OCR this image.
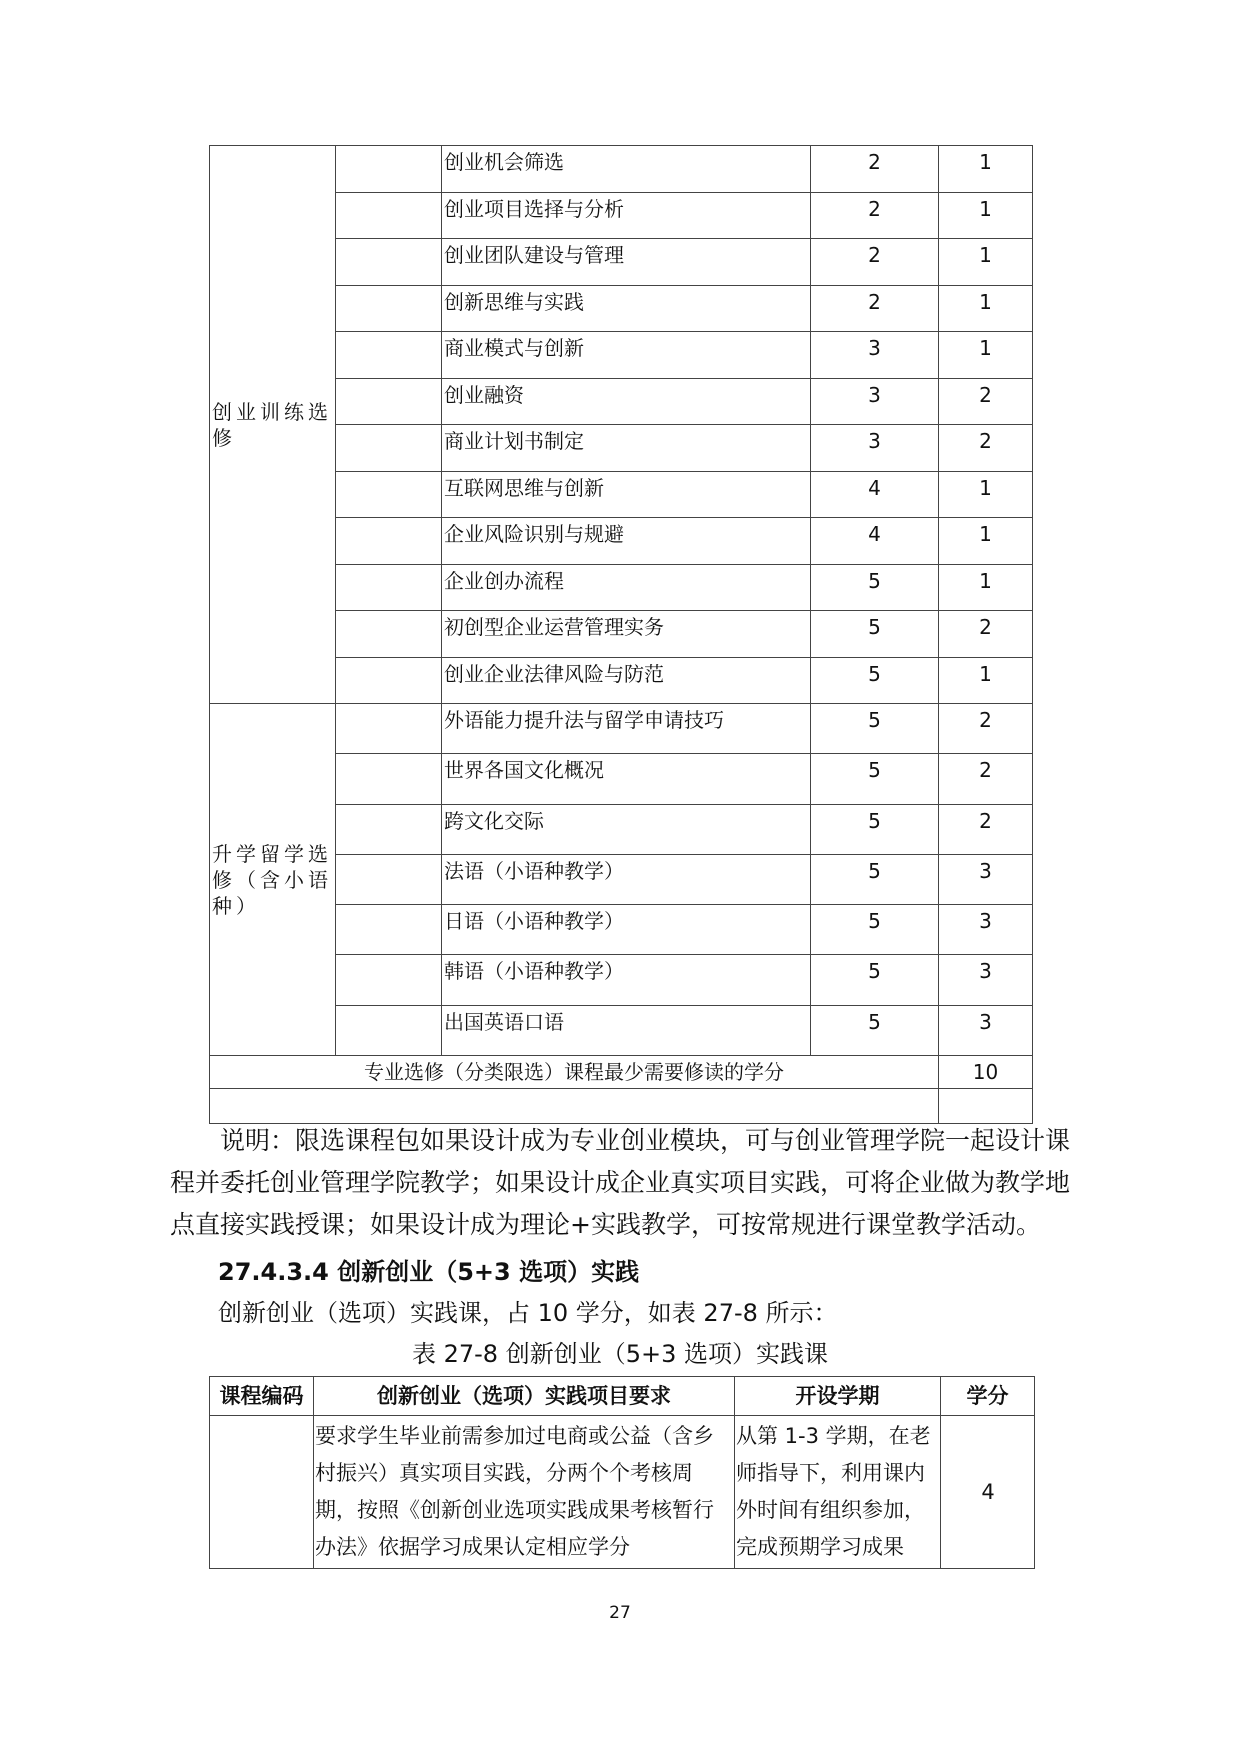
创业训练选修		创业机会筛选	2	1
		创业项目选择与分析	2	1
		创业团队建设与管理	2	1
		创新思维与实践	2	1
		商业模式与创新	3	1
		创业融资	3	2
		商业计划书制定	3	2
		互联网思维与创新	4	1
		企业风险识别与规避	4	1
		企业创办流程	5	1
		初创型企业运营管理实务	5	2
		创业企业法律风险与防范	5	1
升学留学选修（含小语种）		外语能力提升法与留学申请技巧	5	2
		世界各国文化概况	5	2
		跨文化交际	5	2
		法语（小语种教学）	5	3
		日语（小语种教学）	5	3
		韩语（小语种教学）	5	3
		出国英语口语	5	3
专业选修（分类限选）课程最少需要修读的学分				10

说明：限选课程包如果设计成为专业创业模块，可与创业管理学院一起设计课程并委托创业管理学院教学；如果设计成企业真实项目实践，可将企业做为教学地点直接实践授课；如果设计成为理论+实践教学，可按常规进行课堂教学活动。
27.4.3.4 创新创业（5+3 选项）实践
创新创业（选项）实践课，占 10 学分，如表 27-8 所示：
表 27-8 创新创业（5+3 选项）实践课
课程编码	创新创业（选项）实践项目要求	开设学期	学分
	要求学生毕业前需参加过电商或公益（含乡村振兴）真实项目实践，分两个个考核周期，按照《创新创业选项实践成果考核暂行办法》依据学习成果认定相应学分	从第 1-3 学期，在老师指导下，利用课内外时间有组织参加，完成预期学习成果	4
27
